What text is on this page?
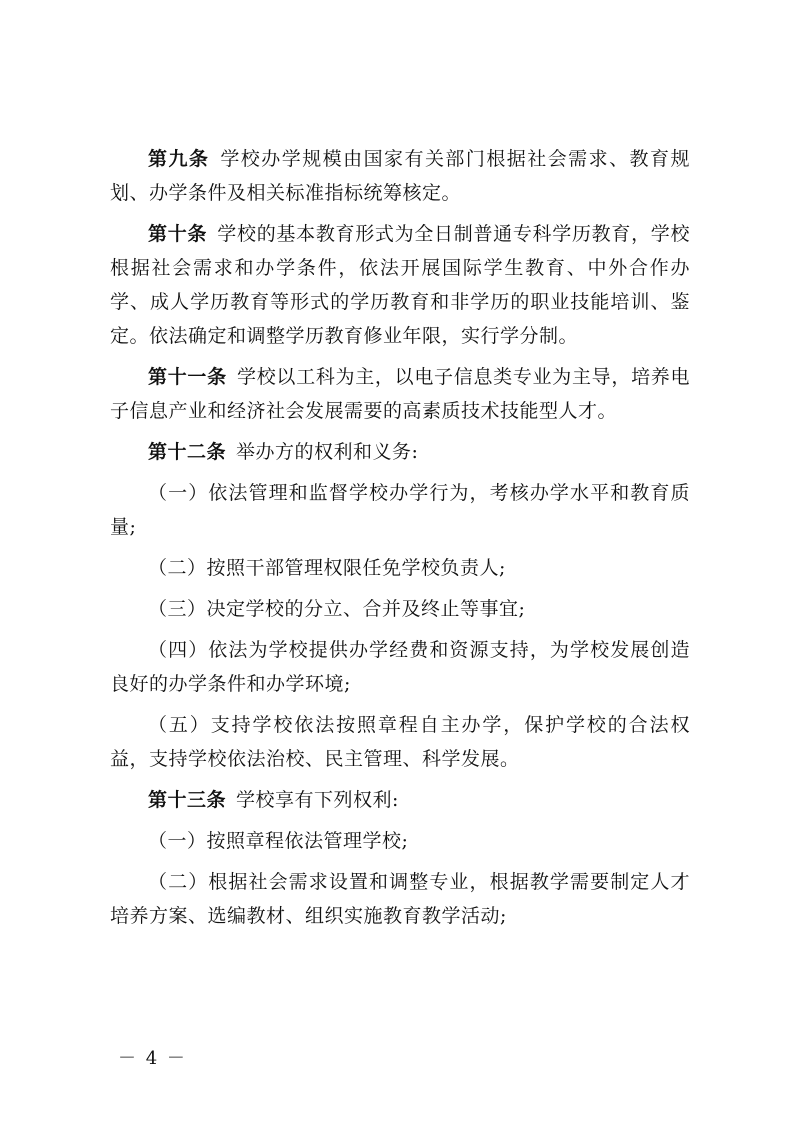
第九条  学校办学规模由国家有关部门根据社会需求、教育规划、办学条件及相关标准指标统筹核定。

第十条  学校的基本教育形式为全日制普通专科学历教育，学校根据社会需求和办学条件，依法开展国际学生教育、中外合作办学、成人学历教育等形式的学历教育和非学历的职业技能培训、鉴定。依法确定和调整学历教育修业年限，实行学分制。

第十一条  学校以工科为主，以电子信息类专业为主导，培养电子信息产业和经济社会发展需要的高素质技术技能型人才。

第十二条  举办方的权利和义务:

（一）依法管理和监督学校办学行为，考核办学水平和教育质量;

（二）按照干部管理权限任免学校负责人;

（三）决定学校的分立、合并及终止等事宜;

（四）依法为学校提供办学经费和资源支持，为学校发展创造良好的办学条件和办学环境;

（五）支持学校依法按照章程自主办学，保护学校的合法权益，支持学校依法治校、民主管理、科学发展。

第十三条  学校享有下列权利:

（一）按照章程依法管理学校;

（二）根据社会需求设置和调整专业，根据教学需要制定人才培养方案、选编教材、组织实施教育教学活动;

－ 4 －
